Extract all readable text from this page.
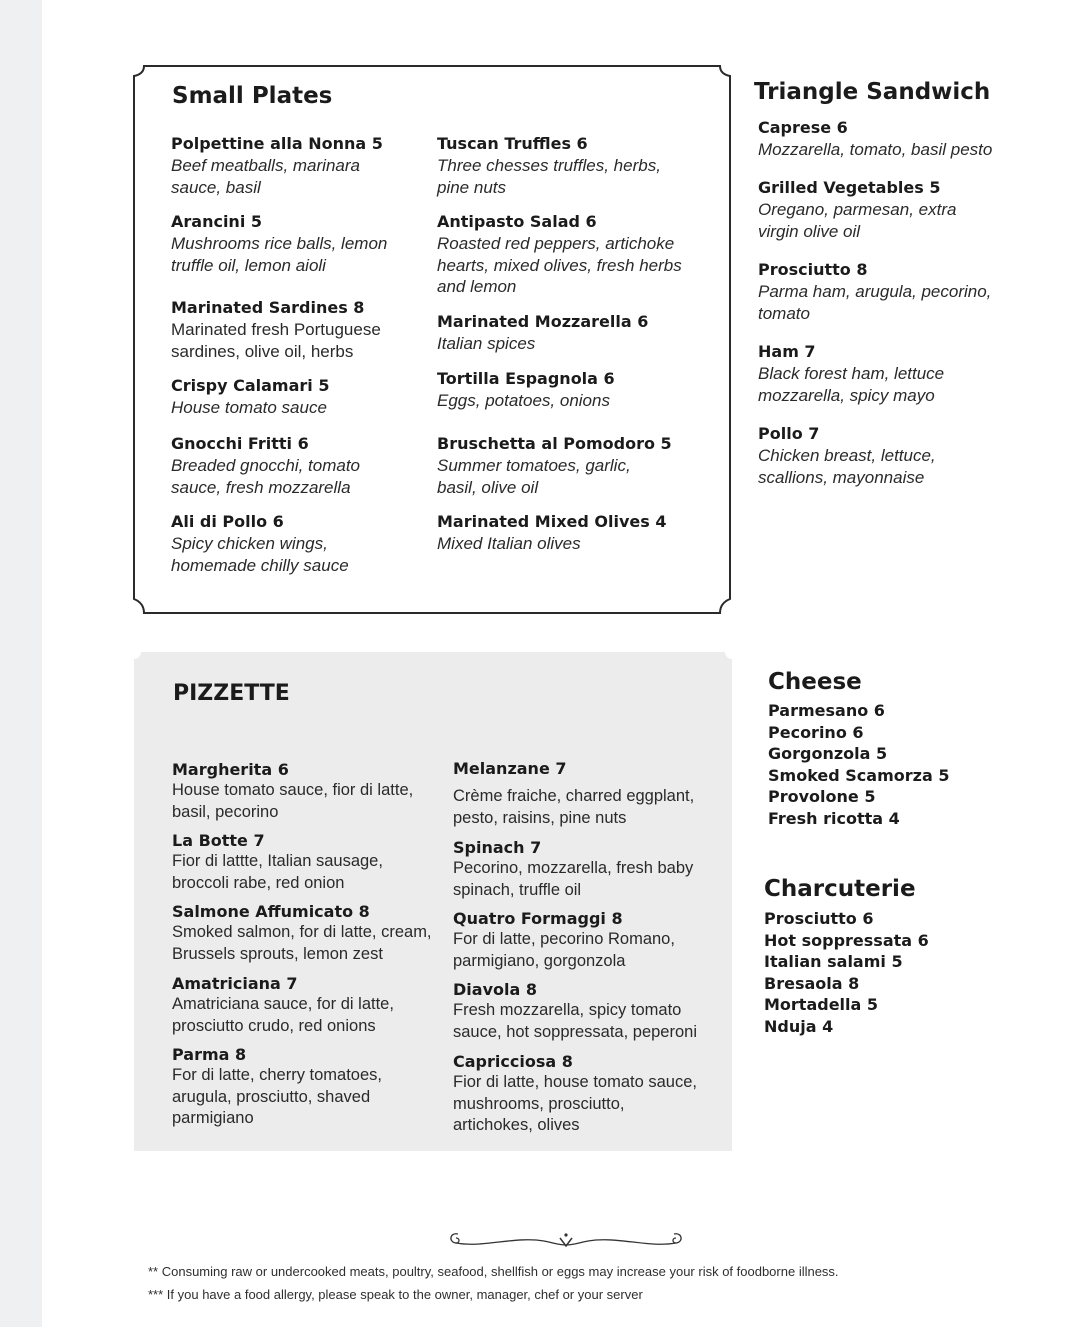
Small Plates
Polpettine alla Nonna 5
Beef meatballs, marinara sauce, basil
Arancini 5
Mushrooms rice balls, lemon truffle oil, lemon aioli
Marinated Sardines 8
Marinated fresh Portuguese sardines, olive oil, herbs
Crispy Calamari 5
House tomato sauce
Gnocchi Fritti 6
Breaded gnocchi, tomato sauce, fresh mozzarella
Ali di Pollo 6
Spicy chicken wings, homemade chilly sauce
Tuscan Truffles 6
Three chesses truffles, herbs, pine nuts
Antipasto Salad 6
Roasted red peppers, artichoke hearts, mixed olives, fresh herbs and lemon
Marinated Mozzarella 6
Italian spices
Tortilla Espagnola 6
Eggs, potatoes, onions
Bruschetta al Pomodoro 5
Summer tomatoes, garlic, basil, olive oil
Marinated Mixed Olives 4
Mixed Italian olives
Triangle Sandwich
Caprese 6
Mozzarella, tomato, basil pesto
Grilled Vegetables 5
Oregano, parmesan, extra virgin olive oil
Prosciutto 8
Parma ham, arugula, pecorino, tomato
Ham 7
Black forest ham, lettuce mozzarella, spicy mayo
Pollo 7
Chicken breast, lettuce, scallions, mayonnaise
PIZZETTE
Margherita 6
House tomato sauce, fior di latte, basil, pecorino
La Botte 7
Fior di lattte, Italian sausage, broccoli rabe, red onion
Salmone Affumicato 8
Smoked salmon, for di latte, cream, Brussels sprouts, lemon zest
Amatriciana 7
Amatriciana sauce, for di latte, prosciutto crudo, red onions
Parma 8
For di latte, cherry tomatoes, arugula, prosciutto, shaved parmigiano
Melanzane 7
Crème fraiche, charred eggplant, pesto, raisins, pine nuts
Spinach 7
Pecorino, mozzarella, fresh baby spinach, truffle oil
Quatro Formaggi 8
For di latte, pecorino Romano, parmigiano, gorgonzola
Diavola 8
Fresh mozzarella, spicy tomato sauce, hot soppressata, peperoni
Capricciosa 8
Fior di latte, house tomato sauce, mushrooms, prosciutto, artichokes, olives
Cheese
Parmesano 6
Pecorino 6
Gorgonzola 5
Smoked Scamorza 5
Provolone 5
Fresh ricotta 4
Charcuterie
Prosciutto 6
Hot soppressata 6
Italian salami 5
Bresaola 8
Mortadella 5
Nduja 4
** Consuming raw or undercooked meats, poultry, seafood, shellfish or eggs may increase your risk of foodborne illness.
*** If you have a food allergy, please speak to the owner, manager, chef or your server
